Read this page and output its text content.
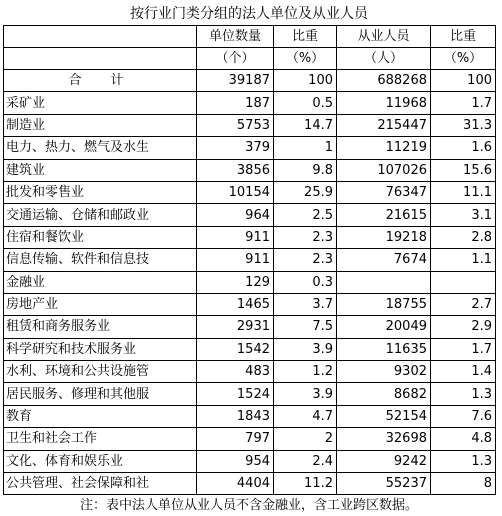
按行业门类分组的法人单位及从业人员
	单位数量	比重	从业人员	比重
	（个）	（%）	（人）	（%）
合　计	39187	100	688268	100
采矿业	187	0.5	11968	1.7
制造业	5753	14.7	215447	31.3
电力、热力、燃气及水生	379	1	11219	1.6
建筑业	3856	9.8	107026	15.6
批发和零售业	10154	25.9	76347	11.1
交通运输、仓储和邮政业	964	2.5	21615	3.1
住宿和餐饮业	911	2.3	19218	2.8
信息传输、软件和信息技	911	2.3	7674	1.1
金融业	129	0.3		
房地产业	1465	3.7	18755	2.7
租赁和商务服务业	2931	7.5	20049	2.9
科学研究和技术服务业	1542	3.9	11635	1.7
水利、环境和公共设施管	483	1.2	9302	1.4
居民服务、修理和其他服	1524	3.9	8682	1.3
教育	1843	4.7	52154	7.6
卫生和社会工作	797	2	32698	4.8
文化、体育和娱乐业	954	2.4	9242	1.3
公共管理、社会保障和社	4404	11.2	55237	8
注：表中法人单位从业人员不含金融业，含工业跨区数据。
